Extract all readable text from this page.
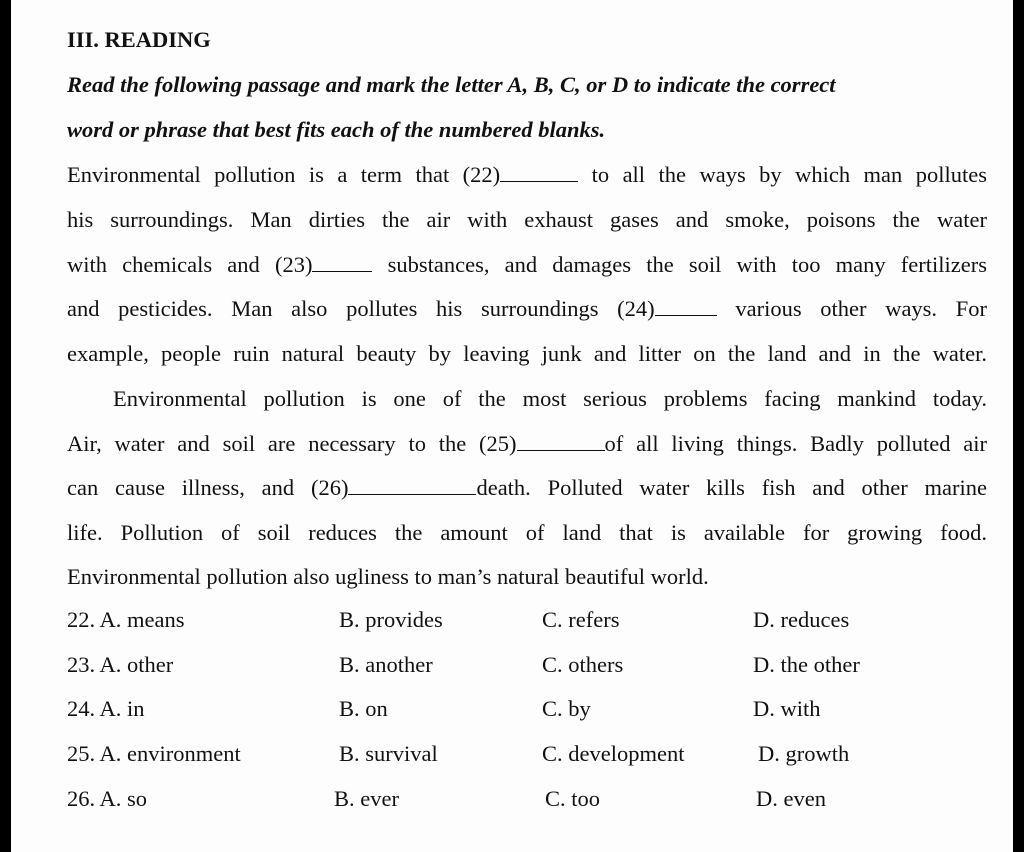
III. READING
Read the following passage and mark the letter A, B, C, or D to indicate the correct
word or phrase that best fits each of the numbered blanks.
Environmental pollution is a term that (22)	to all the ways by which man pollutes
his surroundings. Man dirties the air with exhaust gases and smoke, poisons the water
with chemicals and (23)	substances, and damages the soil with too many fertilizers
and pesticides. Man also pollutes his surroundings (24)	various other ways. For
example, people ruin natural beauty by leaving junk and litter on the land and in the water.
Environmental pollution is one of the most serious problems facing mankind today.
Air, water and soil are necessary to the (25)	of all living things. Badly polluted air
can cause illness, and (26)	death. Polluted water kills fish and other marine
life. Pollution of soil reduces the amount of land that is available for growing food.
Environmental pollution also ugliness to man’s natural beautiful world.
22. A. means	B. provides	C. refers	D. reduces
23. A. other	B. another	C. others	D. the other
24. A. in	B. on	C. by	D. with
25. A. environment	B. survival	C. development	D. growth
26. A. so	B. ever	C. too	D. even
